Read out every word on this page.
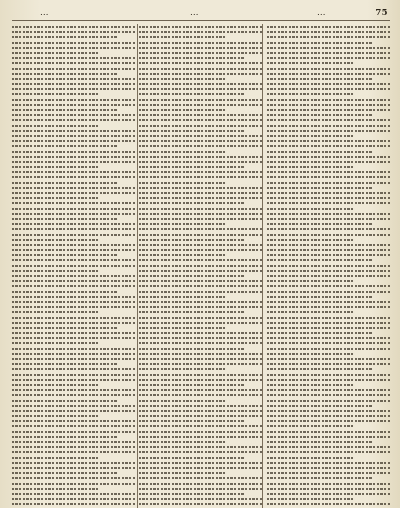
…	…	…	75
